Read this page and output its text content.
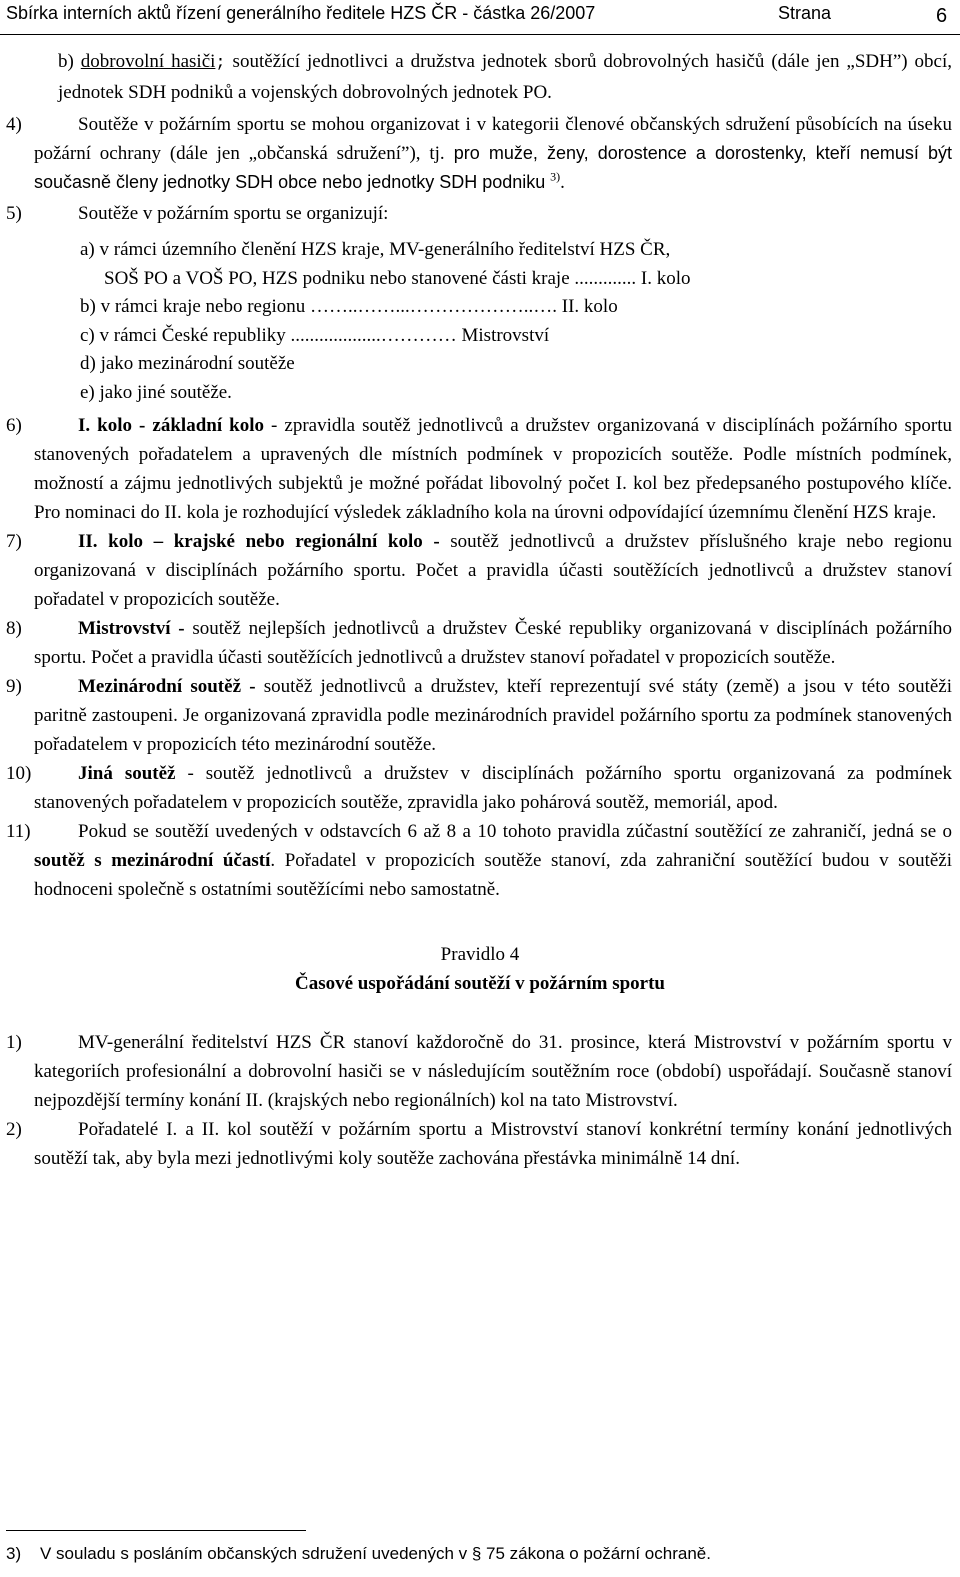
Sbírka interních aktů řízení generálního ředitele HZS ČR - částka 26/2007	Strana	6
b) dobrovolní hasiči; soutěžící jednotlivci a družstva jednotek sborů dobrovolných hasičů (dále jen „SDH”) obcí, jednotek SDH podniků a vojenských dobrovolných jednotek PO.
4)	Soutěže v požárním sportu se mohou organizovat i v kategorii členové občanských sdružení působících na úseku požární ochrany (dále jen „občanská sdružení”), tj. pro muže, ženy, dorostence a dorostenky, kteří nemusí být současně členy jednotky SDH obce nebo jednotky SDH podniku $^{3)}$.
5)	Soutěže v požárním sportu se organizují:
a) v rámci územního členění HZS kraje, MV-generálního ředitelství HZS ČR,
SOŠ PO a VOŠ PO, HZS podniku nebo stanovené části kraje ............. I. kolo
b) v rámci kraje nebo regionu ……..……...………………..…. II. kolo
c) v rámci České republiky ...................………… Mistrovství
d) jako mezinárodní soutěže
e) jako jiné soutěže.
6)	I. kolo - základní kolo - zpravidla soutěž jednotlivců a družstev organizovaná v disciplínách požárního sportu stanovených pořadatelem a upravených dle místních podmínek v propozicích soutěže. Podle místních podmínek, možností a zájmu jednotlivých subjektů je možné pořádat libovolný počet I. kol bez předepsaného postupového klíče. Pro nominaci do II. kola je rozhodující výsledek základního kola na úrovni odpovídající územnímu členění HZS kraje.
7)	II. kolo – krajské nebo regionální kolo - soutěž jednotlivců a družstev příslušného kraje nebo regionu organizovaná v disciplínách požárního sportu. Počet a pravidla účasti soutěžících jednotlivců a družstev stanoví pořadatel v propozicích soutěže.
8)	Mistrovství - soutěž nejlepších jednotlivců a družstev České republiky organizovaná v disciplínách požárního sportu. Počet a pravidla účasti soutěžících jednotlivců a družstev stanoví pořadatel v propozicích soutěže.
9)	Mezinárodní soutěž - soutěž jednotlivců a družstev, kteří reprezentují své státy (země) a jsou v této soutěži paritně zastoupeni. Je organizovaná zpravidla podle mezinárodních pravidel požárního sportu za podmínek stanovených pořadatelem v propozicích této mezinárodní soutěže.
10)	Jiná soutěž - soutěž jednotlivců a družstev v disciplínách požárního sportu organizovaná za podmínek stanovených pořadatelem v propozicích soutěže, zpravidla jako pohárová soutěž, memoriál, apod.
11)	Pokud se soutěží uvedených v odstavcích 6 až 8 a 10 tohoto pravidla zúčastní soutěžící ze zahraničí, jedná se o soutěž s mezinárodní účastí. Pořadatel v propozicích soutěže stanoví, zda zahraniční soutěžící budou v soutěži hodnoceni společně s ostatními soutěžícími nebo samostatně.
Pravidlo 4
Časové uspořádání soutěží v požárním sportu
1)	MV-generální ředitelství HZS ČR stanoví každoročně do 31. prosince, která Mistrovství v požárním sportu v kategoriích profesionální a dobrovolní hasiči se v následujícím soutěžním roce (období) uspořádají. Současně stanoví nejpozdější termíny konání II. (krajských nebo regionálních) kol na tato Mistrovství.
2)	Pořadatelé I. a II. kol soutěží v požárním sportu a Mistrovství stanoví konkrétní termíny konání jednotlivých soutěží tak, aby byla mezi jednotlivými koly soutěže zachována přestávka minimálně 14 dní.
3) V souladu s posláním občanských sdružení uvedených v § 75 zákona o požární ochraně.
